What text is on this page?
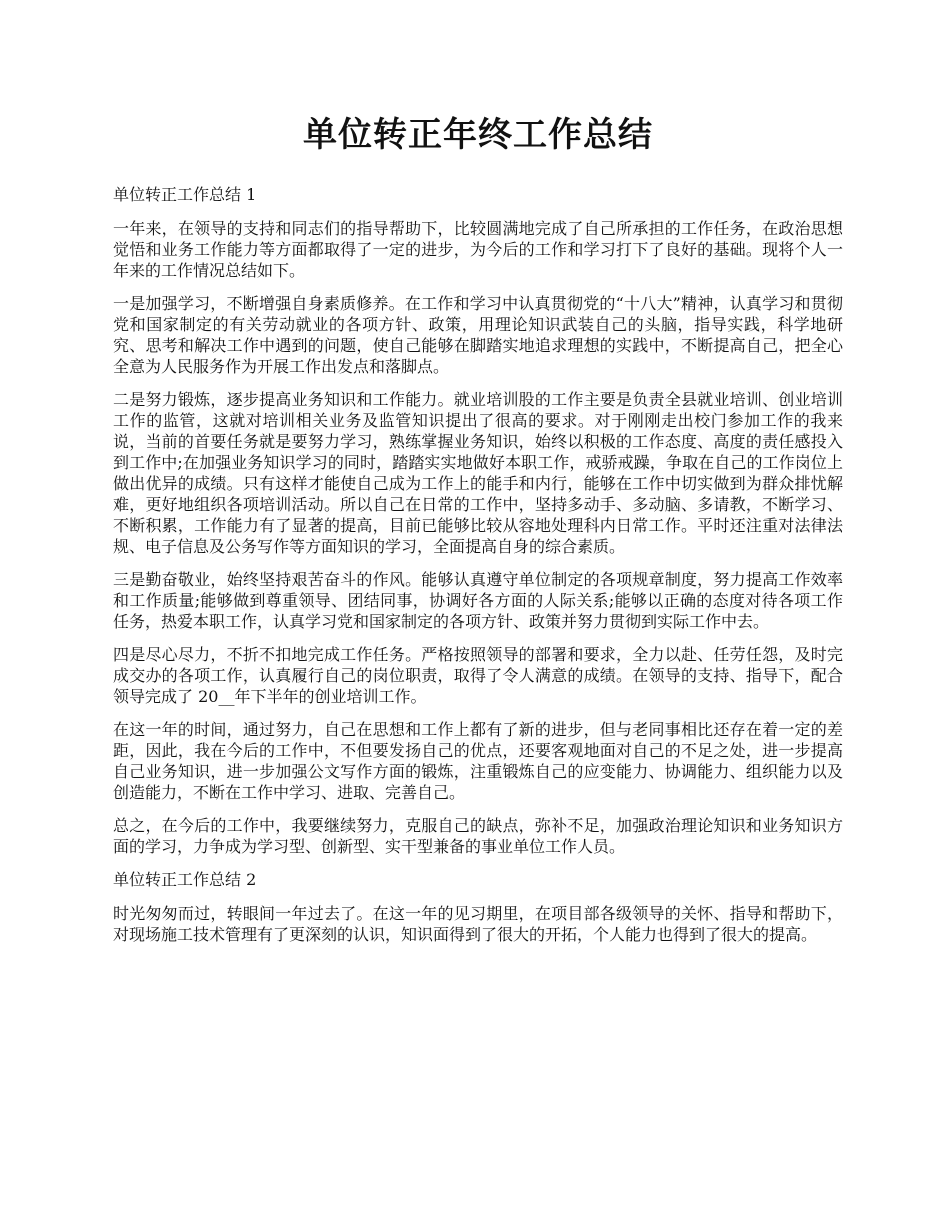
单位转正年终工作总结

单位转正工作总结 1

一年来，在领导的支持和同志们的指导帮助下，比较圆满地完成了自己所承担的工作任务，在政治思想觉悟和业务工作能力等方面都取得了一定的进步，为今后的工作和学习打下了良好的基础。现将个人一年来的工作情况总结如下。

一是加强学习，不断增强自身素质修养。在工作和学习中认真贯彻党的“十八大”精神，认真学习和贯彻党和国家制定的有关劳动就业的各项方针、政策，用理论知识武装自己的头脑，指导实践，科学地研究、思考和解决工作中遇到的问题，使自己能够在脚踏实地追求理想的实践中，不断提高自己，把全心全意为人民服务作为开展工作出发点和落脚点。

二是努力锻炼，逐步提高业务知识和工作能力。就业培训股的工作主要是负责全县就业培训、创业培训工作的监管，这就对培训相关业务及监管知识提出了很高的要求。对于刚刚走出校门参加工作的我来说，当前的首要任务就是要努力学习，熟练掌握业务知识，始终以积极的工作态度、高度的责任感投入到工作中;在加强业务知识学习的同时，踏踏实实地做好本职工作，戒骄戒躁，争取在自己的工作岗位上做出优异的成绩。只有这样才能使自己成为工作上的能手和内行，能够在工作中切实做到为群众排忧解难，更好地组织各项培训活动。所以自己在日常的工作中，坚持多动手、多动脑、多请教，不断学习、不断积累，工作能力有了显著的提高，目前已能够比较从容地处理科内日常工作。平时还注重对法律法规、电子信息及公务写作等方面知识的学习，全面提高自身的综合素质。

三是勤奋敬业，始终坚持艰苦奋斗的作风。能够认真遵守单位制定的各项规章制度，努力提高工作效率和工作质量;能够做到尊重领导、团结同事，协调好各方面的人际关系;能够以正确的态度对待各项工作任务，热爱本职工作，认真学习党和国家制定的各项方针、政策并努力贯彻到实际工作中去。

四是尽心尽力，不折不扣地完成工作任务。严格按照领导的部署和要求，全力以赴、任劳任怨，及时完成交办的各项工作，认真履行自己的岗位职责，取得了令人满意的成绩。在领导的支持、指导下，配合领导完成了 20__年下半年的创业培训工作。

在这一年的时间，通过努力，自己在思想和工作上都有了新的进步，但与老同事相比还存在着一定的差距，因此，我在今后的工作中，不但要发扬自己的优点，还要客观地面对自己的不足之处，进一步提高自己业务知识，进一步加强公文写作方面的锻炼，注重锻炼自己的应变能力、协调能力、组织能力以及创造能力，不断在工作中学习、进取、完善自己。

总之，在今后的工作中，我要继续努力，克服自己的缺点，弥补不足，加强政治理论知识和业务知识方面的学习，力争成为学习型、创新型、实干型兼备的事业单位工作人员。

单位转正工作总结 2

时光匆匆而过，转眼间一年过去了。在这一年的见习期里，在项目部各级领导的关怀、指导和帮助下，对现场施工技术管理有了更深刻的认识，知识面得到了很大的开拓，个人能力也得到了很大的提高。
